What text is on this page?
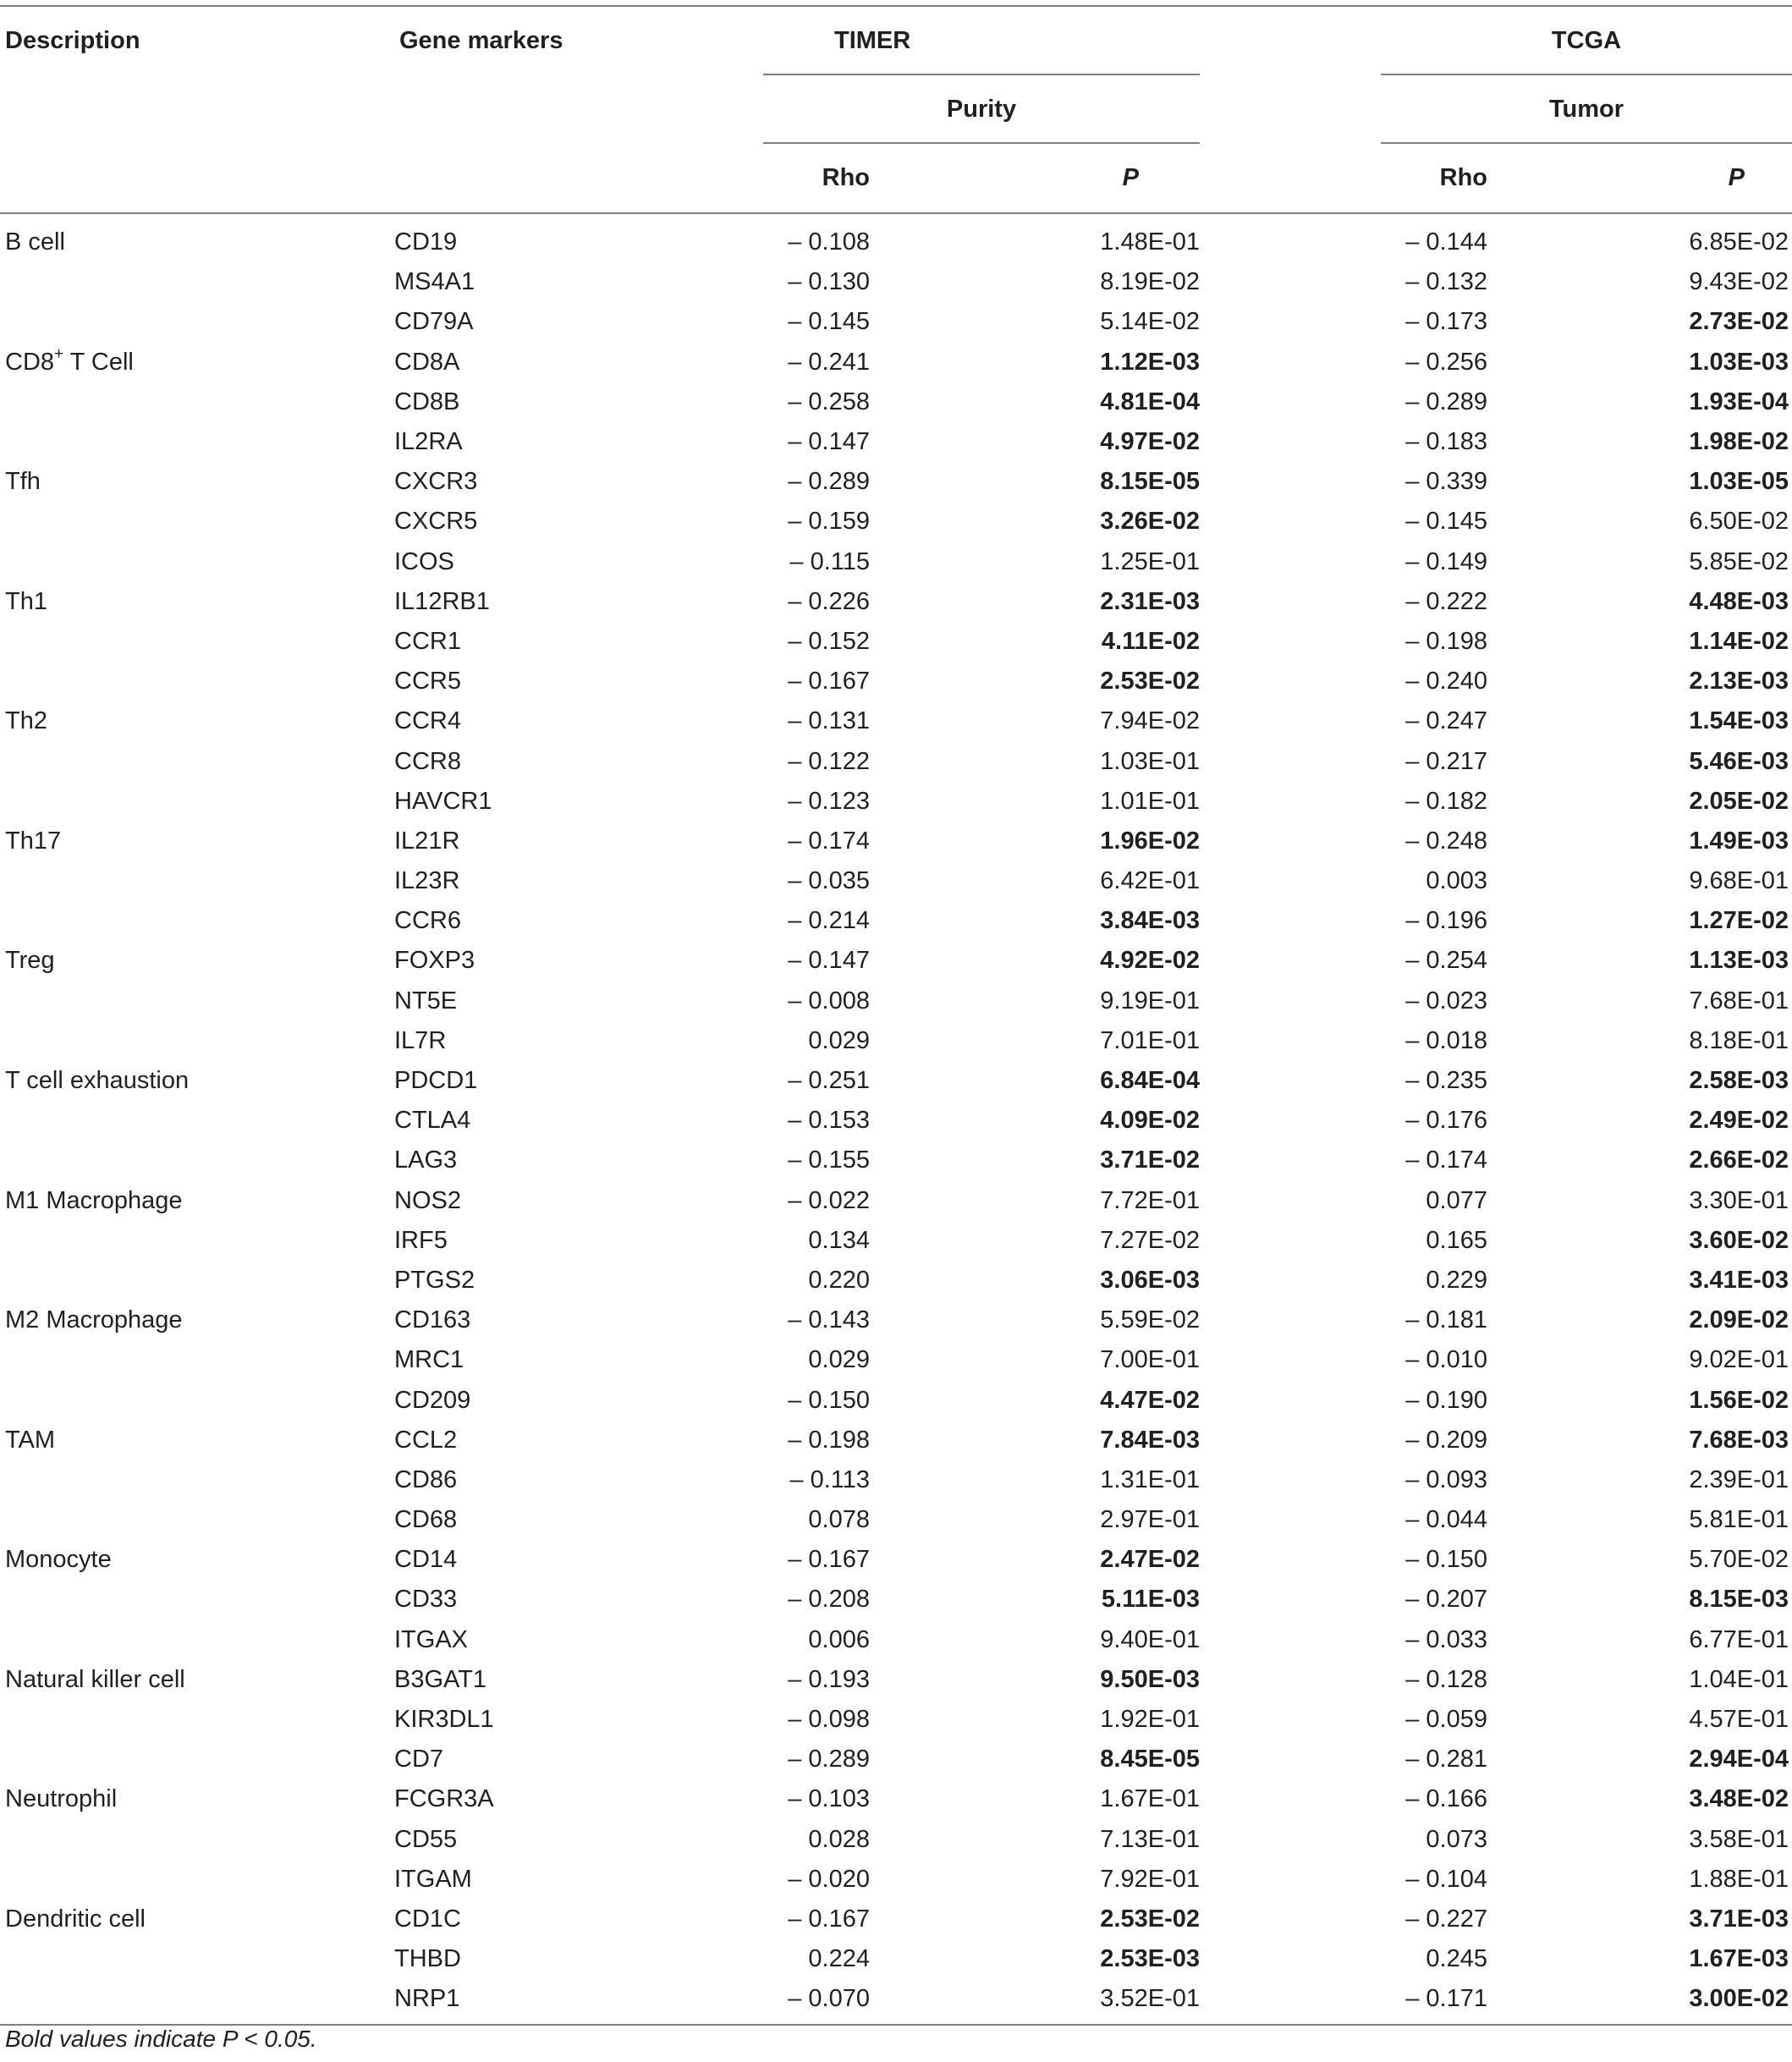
Description	Gene markers	TIMER			TCGA	
		Purity			Tumor	
		Rho	P		Rho	P
B cell	CD19	– 0.108	1.48E-01		– 0.144	6.85E-02
	MS4A1	– 0.130	8.19E-02		– 0.132	9.43E-02
	CD79A	– 0.145	5.14E-02		– 0.173	2.73E-02
CD8+ T Cell	CD8A	– 0.241	1.12E-03		– 0.256	1.03E-03
	CD8B	– 0.258	4.81E-04		– 0.289	1.93E-04
	IL2RA	– 0.147	4.97E-02		– 0.183	1.98E-02
Tfh	CXCR3	– 0.289	8.15E-05		– 0.339	1.03E-05
	CXCR5	– 0.159	3.26E-02		– 0.145	6.50E-02
	ICOS	– 0.115	1.25E-01		– 0.149	5.85E-02
Th1	IL12RB1	– 0.226	2.31E-03		– 0.222	4.48E-03
	CCR1	– 0.152	4.11E-02		– 0.198	1.14E-02
	CCR5	– 0.167	2.53E-02		– 0.240	2.13E-03
Th2	CCR4	– 0.131	7.94E-02		– 0.247	1.54E-03
	CCR8	– 0.122	1.03E-01		– 0.217	5.46E-03
	HAVCR1	– 0.123	1.01E-01		– 0.182	2.05E-02
Th17	IL21R	– 0.174	1.96E-02		– 0.248	1.49E-03
	IL23R	– 0.035	6.42E-01		0.003	9.68E-01
	CCR6	– 0.214	3.84E-03		– 0.196	1.27E-02
Treg	FOXP3	– 0.147	4.92E-02		– 0.254	1.13E-03
	NT5E	– 0.008	9.19E-01		– 0.023	7.68E-01
	IL7R	0.029	7.01E-01		– 0.018	8.18E-01
T cell exhaustion	PDCD1	– 0.251	6.84E-04		– 0.235	2.58E-03
	CTLA4	– 0.153	4.09E-02		– 0.176	2.49E-02
	LAG3	– 0.155	3.71E-02		– 0.174	2.66E-02
M1 Macrophage	NOS2	– 0.022	7.72E-01		0.077	3.30E-01
	IRF5	0.134	7.27E-02		0.165	3.60E-02
	PTGS2	0.220	3.06E-03		0.229	3.41E-03
M2 Macrophage	CD163	– 0.143	5.59E-02		– 0.181	2.09E-02
	MRC1	0.029	7.00E-01		– 0.010	9.02E-01
	CD209	– 0.150	4.47E-02		– 0.190	1.56E-02
TAM	CCL2	– 0.198	7.84E-03		– 0.209	7.68E-03
	CD86	– 0.113	1.31E-01		– 0.093	2.39E-01
	CD68	0.078	2.97E-01		– 0.044	5.81E-01
Monocyte	CD14	– 0.167	2.47E-02		– 0.150	5.70E-02
	CD33	– 0.208	5.11E-03		– 0.207	8.15E-03
	ITGAX	0.006	9.40E-01		– 0.033	6.77E-01
Natural killer cell	B3GAT1	– 0.193	9.50E-03		– 0.128	1.04E-01
	KIR3DL1	– 0.098	1.92E-01		– 0.059	4.57E-01
	CD7	– 0.289	8.45E-05		– 0.281	2.94E-04
Neutrophil	FCGR3A	– 0.103	1.67E-01		– 0.166	3.48E-02
	CD55	0.028	7.13E-01		0.073	3.58E-01
	ITGAM	– 0.020	7.92E-01		– 0.104	1.88E-01
Dendritic cell	CD1C	– 0.167	2.53E-02		– 0.227	3.71E-03
	THBD	0.224	2.53E-03		0.245	1.67E-03
	NRP1	– 0.070	3.52E-01		– 0.171	3.00E-02
Bold values indicate P < 0.05.
